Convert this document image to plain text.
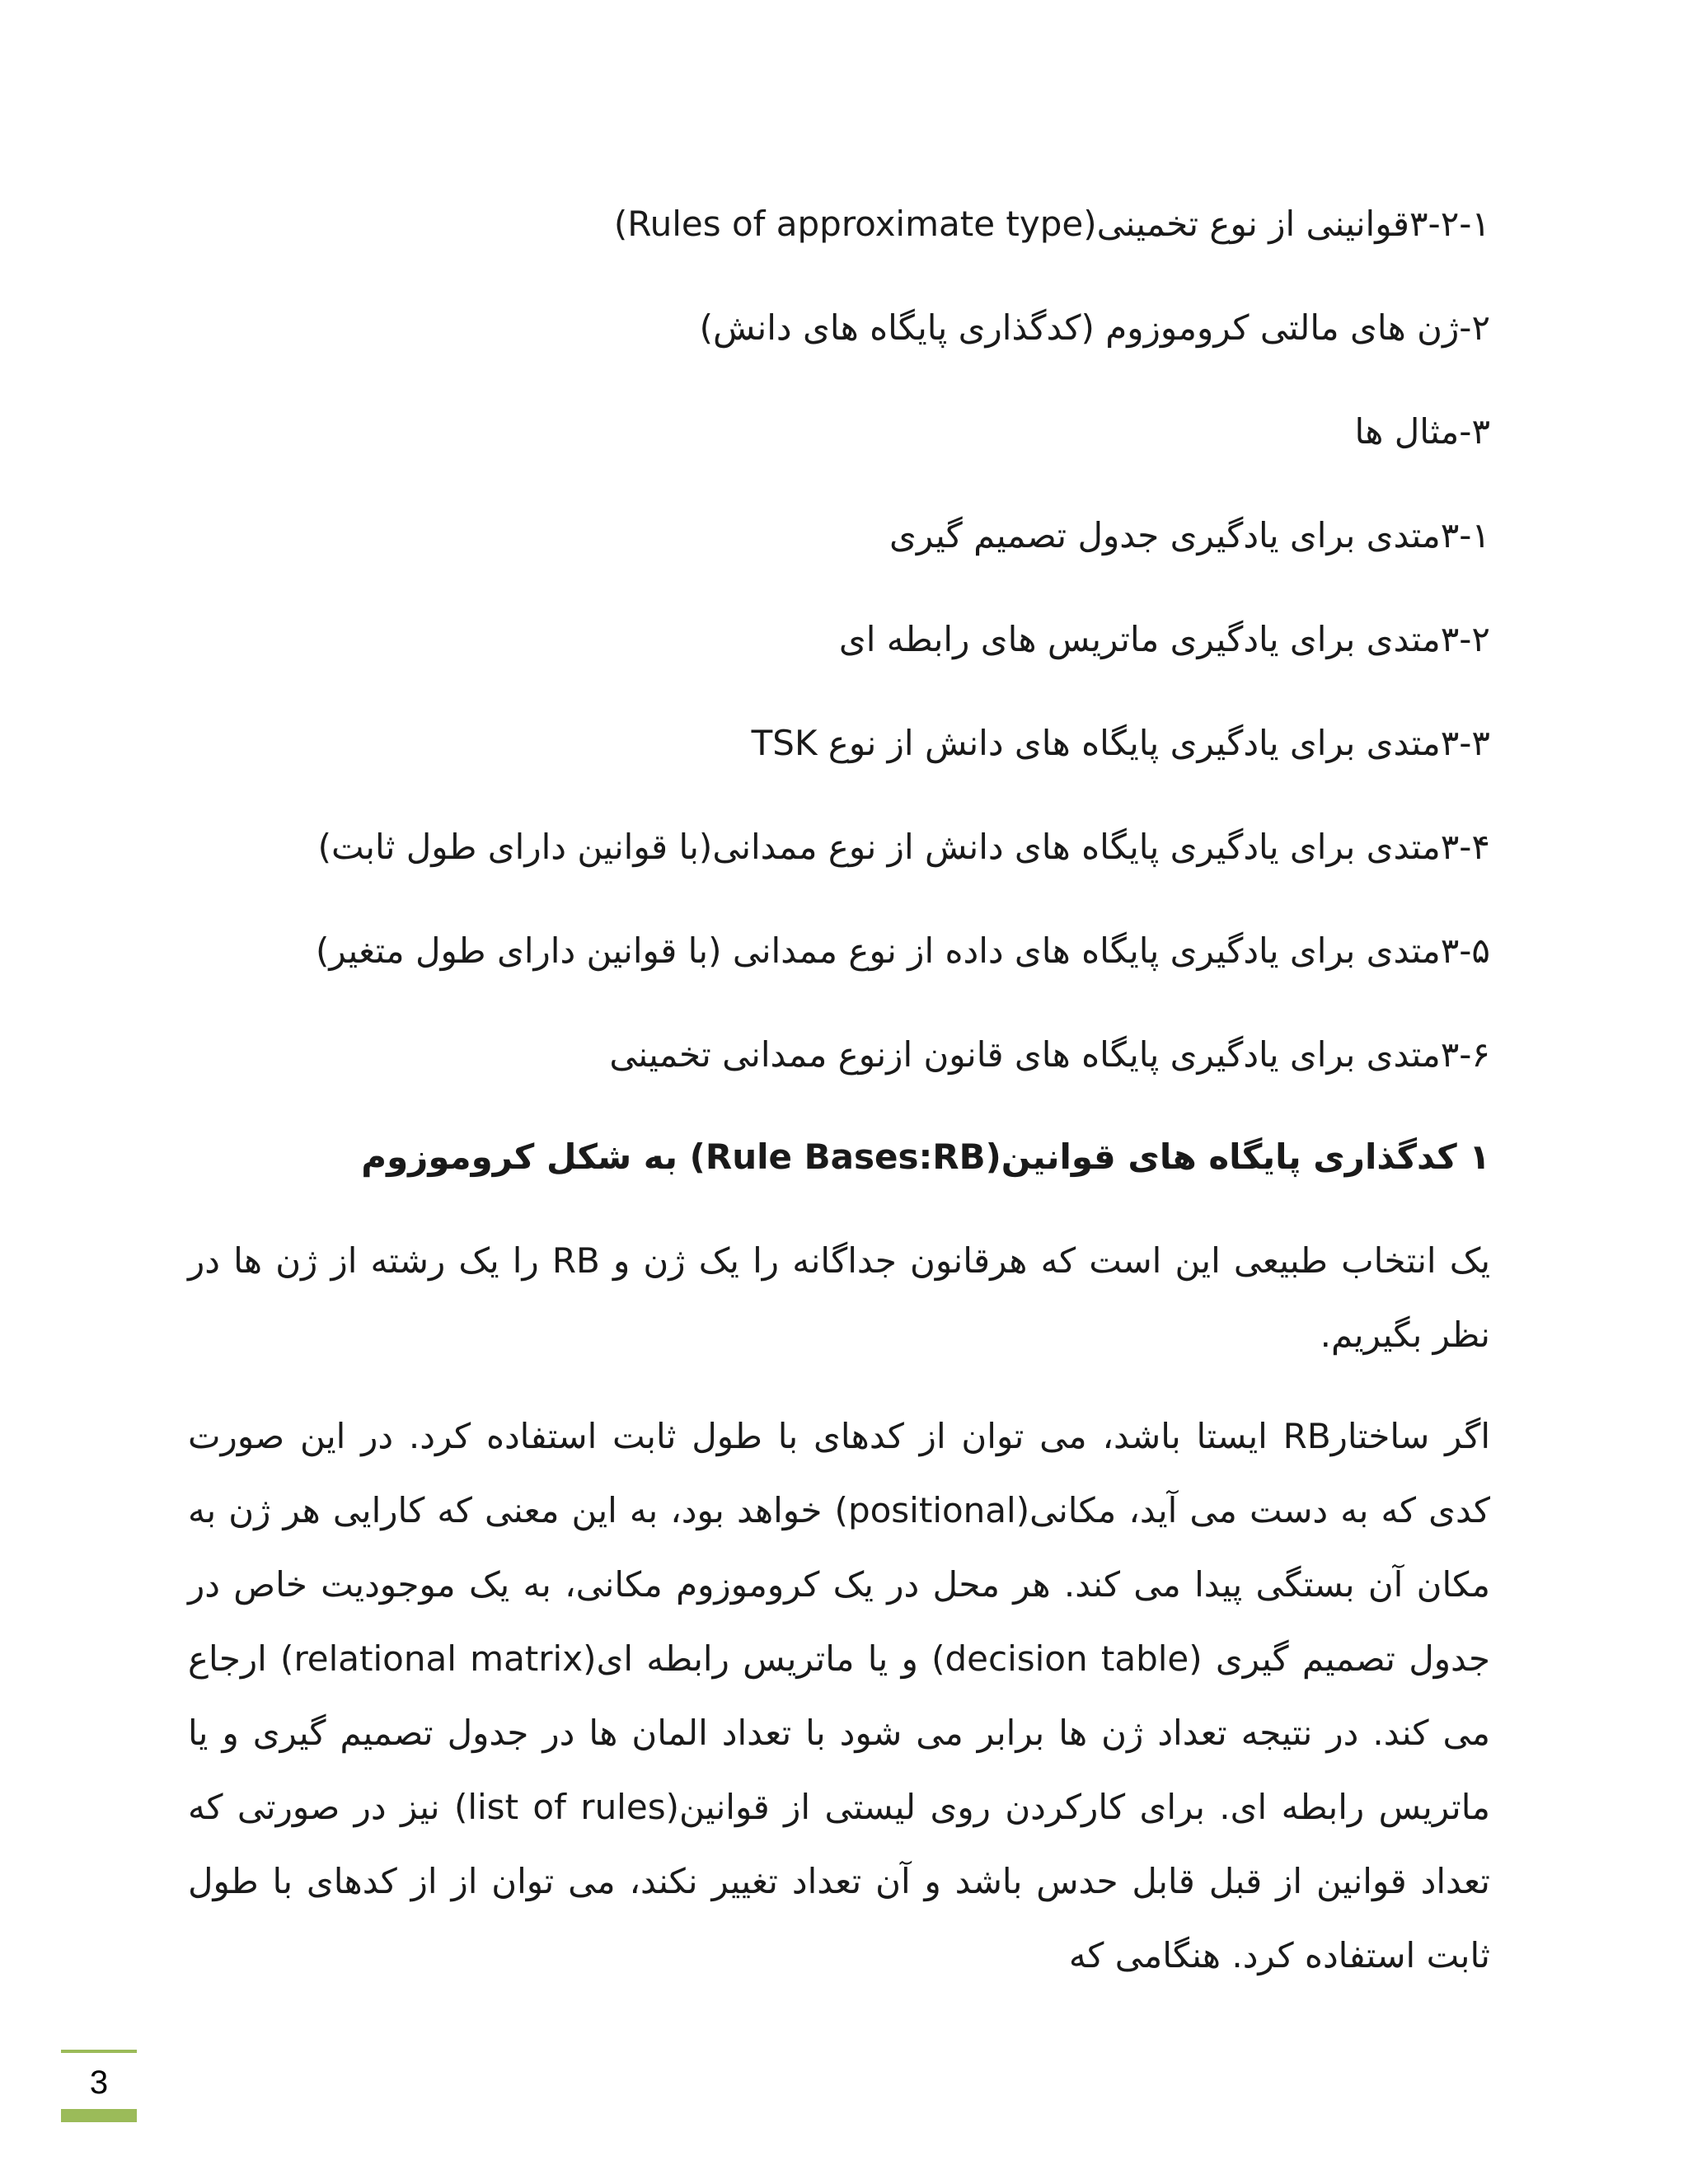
۳-۲-۱قوانینی از نوع تخمینی(Rules of approximate type)
۲-ژن های مالتی کروموزوم (کدگذاری پایگاه های دانش)
۳-مثال ها
۳-۱متدی برای یادگیری جدول تصمیم گیری
۳-۲متدی برای یادگیری ماتریس های رابطه ای
۳-۳متدی برای یادگیری پایگاه های دانش از نوع TSK
۳-۴متدی برای یادگیری پایگاه های دانش از نوع ممدانی(با قوانین دارای طول ثابت)
۳-۵متدی برای یادگیری پایگاه های داده از نوع ممدانی (با قوانین دارای طول متغیر)
۳-۶متدی برای یادگیری پایگاه های قانون ازنوع ممدانی تخمینی
۱ کدگذاری پایگاه های قوانین(Rule Bases:RB) به شکل کروموزوم
یک انتخاب طبیعی این است که هرقانون جداگانه را یک ژن و RB را یک رشته از ژن ها در نظر بگیریم.
اگر ساختارRB ایستا باشد، می توان از کدهای با طول ثابت استفاده کرد. در این صورت کدی که به دست می آید، مکانی(positional) خواهد بود، به این معنی که کارایی هر ژن به مکان آن بستگی پیدا می کند. هر محل در یک کروموزوم مکانی، به یک موجودیت خاص در جدول تصمیم گیری (decision table) و یا ماتریس رابطه ای(relational matrix) ارجاع می کند. در نتیجه تعداد ژن ها برابر می شود با تعداد المان ها در جدول تصمیم گیری و یا ماتریس رابطه ای. برای کارکردن روی لیستی از قوانین(list of rules) نیز در صورتی که تعداد قوانین از قبل قابل حدس باشد و آن تعداد تغییر نکند، می توان از از کدهای با طول ثابت استفاده کرد. هنگامی که
3
